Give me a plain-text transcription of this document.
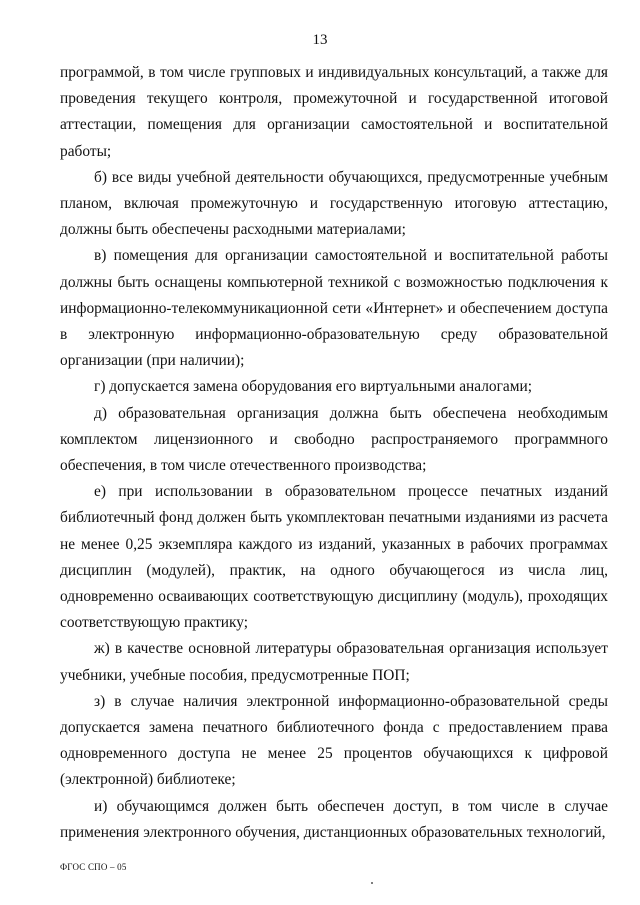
13

программой, в том числе групповых и индивидуальных консультаций, а также для проведения текущего контроля, промежуточной и государственной итоговой аттестации, помещения для организации самостоятельной и воспитательной работы;

б) все виды учебной деятельности обучающихся, предусмотренные учебным планом, включая промежуточную и государственную итоговую аттестацию, должны быть обеспечены расходными материалами;

в) помещения для организации самостоятельной и воспитательной работы должны быть оснащены компьютерной техникой с возможностью подключения к информационно-телекоммуникационной сети «Интернет» и обеспечением доступа в электронную информационно-образовательную среду образовательной организации (при наличии);

г) допускается замена оборудования его виртуальными аналогами;

д) образовательная организация должна быть обеспечена необходимым комплектом лицензионного и свободно распространяемого программного обеспечения, в том числе отечественного производства;

е) при использовании в образовательном процессе печатных изданий библиотечный фонд должен быть укомплектован печатными изданиями из расчета не менее 0,25 экземпляра каждого из изданий, указанных в рабочих программах дисциплин (модулей), практик, на одного обучающегося из числа лиц, одновременно осваивающих соответствующую дисциплину (модуль), проходящих соответствующую практику;

ж) в качестве основной литературы образовательная организация использует учебники, учебные пособия, предусмотренные ПОП;

з) в случае наличия электронной информационно-образовательной среды допускается замена печатного библиотечного фонда с предоставлением права одновременного доступа не менее 25 процентов обучающихся к цифровой (электронной) библиотеке;

и) обучающимся должен быть обеспечен доступ, в том числе в случае применения электронного обучения, дистанционных образовательных технологий,

ФГОС СПО – 05
